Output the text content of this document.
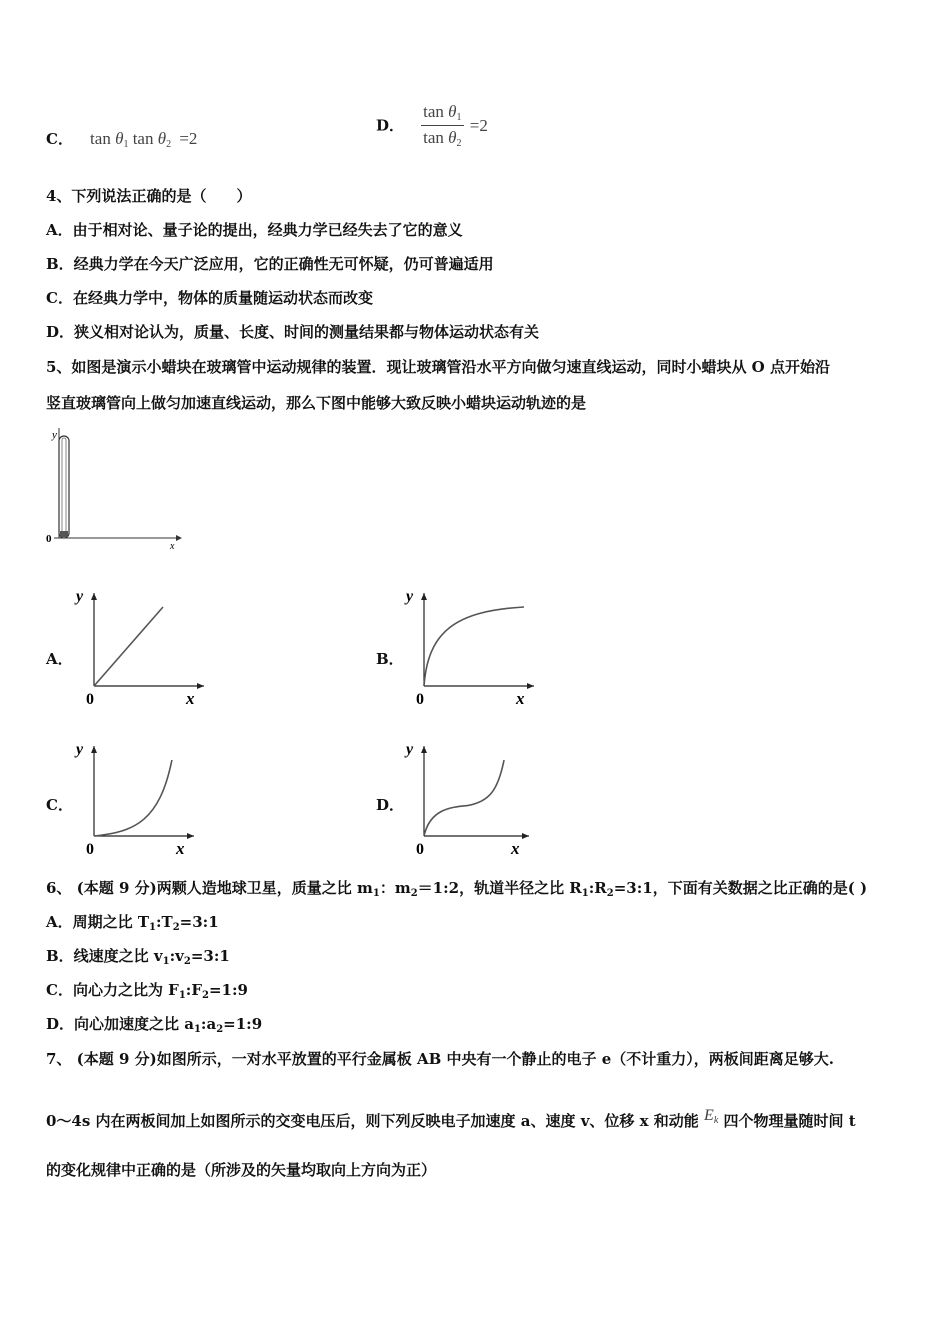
C． $\tan \theta_1$ $\tan \theta_2 =2$
D． $\frac{\tan \theta_1}{\tan \theta_2} =2$
4、下列说法正确的是（　　）
A．由于相对论、量子论的提出，经典力学已经失去了它的意义
B．经典力学在今天广泛应用，它的正确性无可怀疑，仍可普遍适用
C．在经典力学中，物体的质量随运动状态而改变
D．狭义相对论认为，质量、长度、时间的测量结果都与物体运动状态有关
5、如图是演示小蜡块在玻璃管中运动规律的装置．现让玻璃管沿水平方向做匀速直线运动，同时小蜡块从 O 点开始沿
竖直玻璃管向上做匀加速直线运动，那么下图中能够大致反映小蜡块运动轨迹的是
y
0
x
A．
y
x
0
B．
y
x
0
C．
y
x
0
D．
y
x
0
6、 (本题 9 分)两颗人造地球卫星，质量之比 $m_1$：$m_2=1:2$，轨道半径之比 $R_1:R_2=3:1$，下面有关数据之比正确的是( )
A．周期之比 $T_1:T_2=3:1$
B．线速度之比 $v_1:v_2=3:1$
C．向心力之比为 $F_1:F_2=1:9$
D．向心加速度之比 $a_1:a_2=1:9$
7、 (本题 9 分)如图所示，一对水平放置的平行金属板 AB 中央有一个静止的电子 e（不计重力），两板间距离足够大.
0～4s 内在两板间加上如图所示的交变电压后，则下列反映电子加速度 a、速度 v、位移 x 和动能 $E_k$ 四个物理量随时间 t
的变化规律中正确的是（所涉及的矢量均取向上方向为正）
